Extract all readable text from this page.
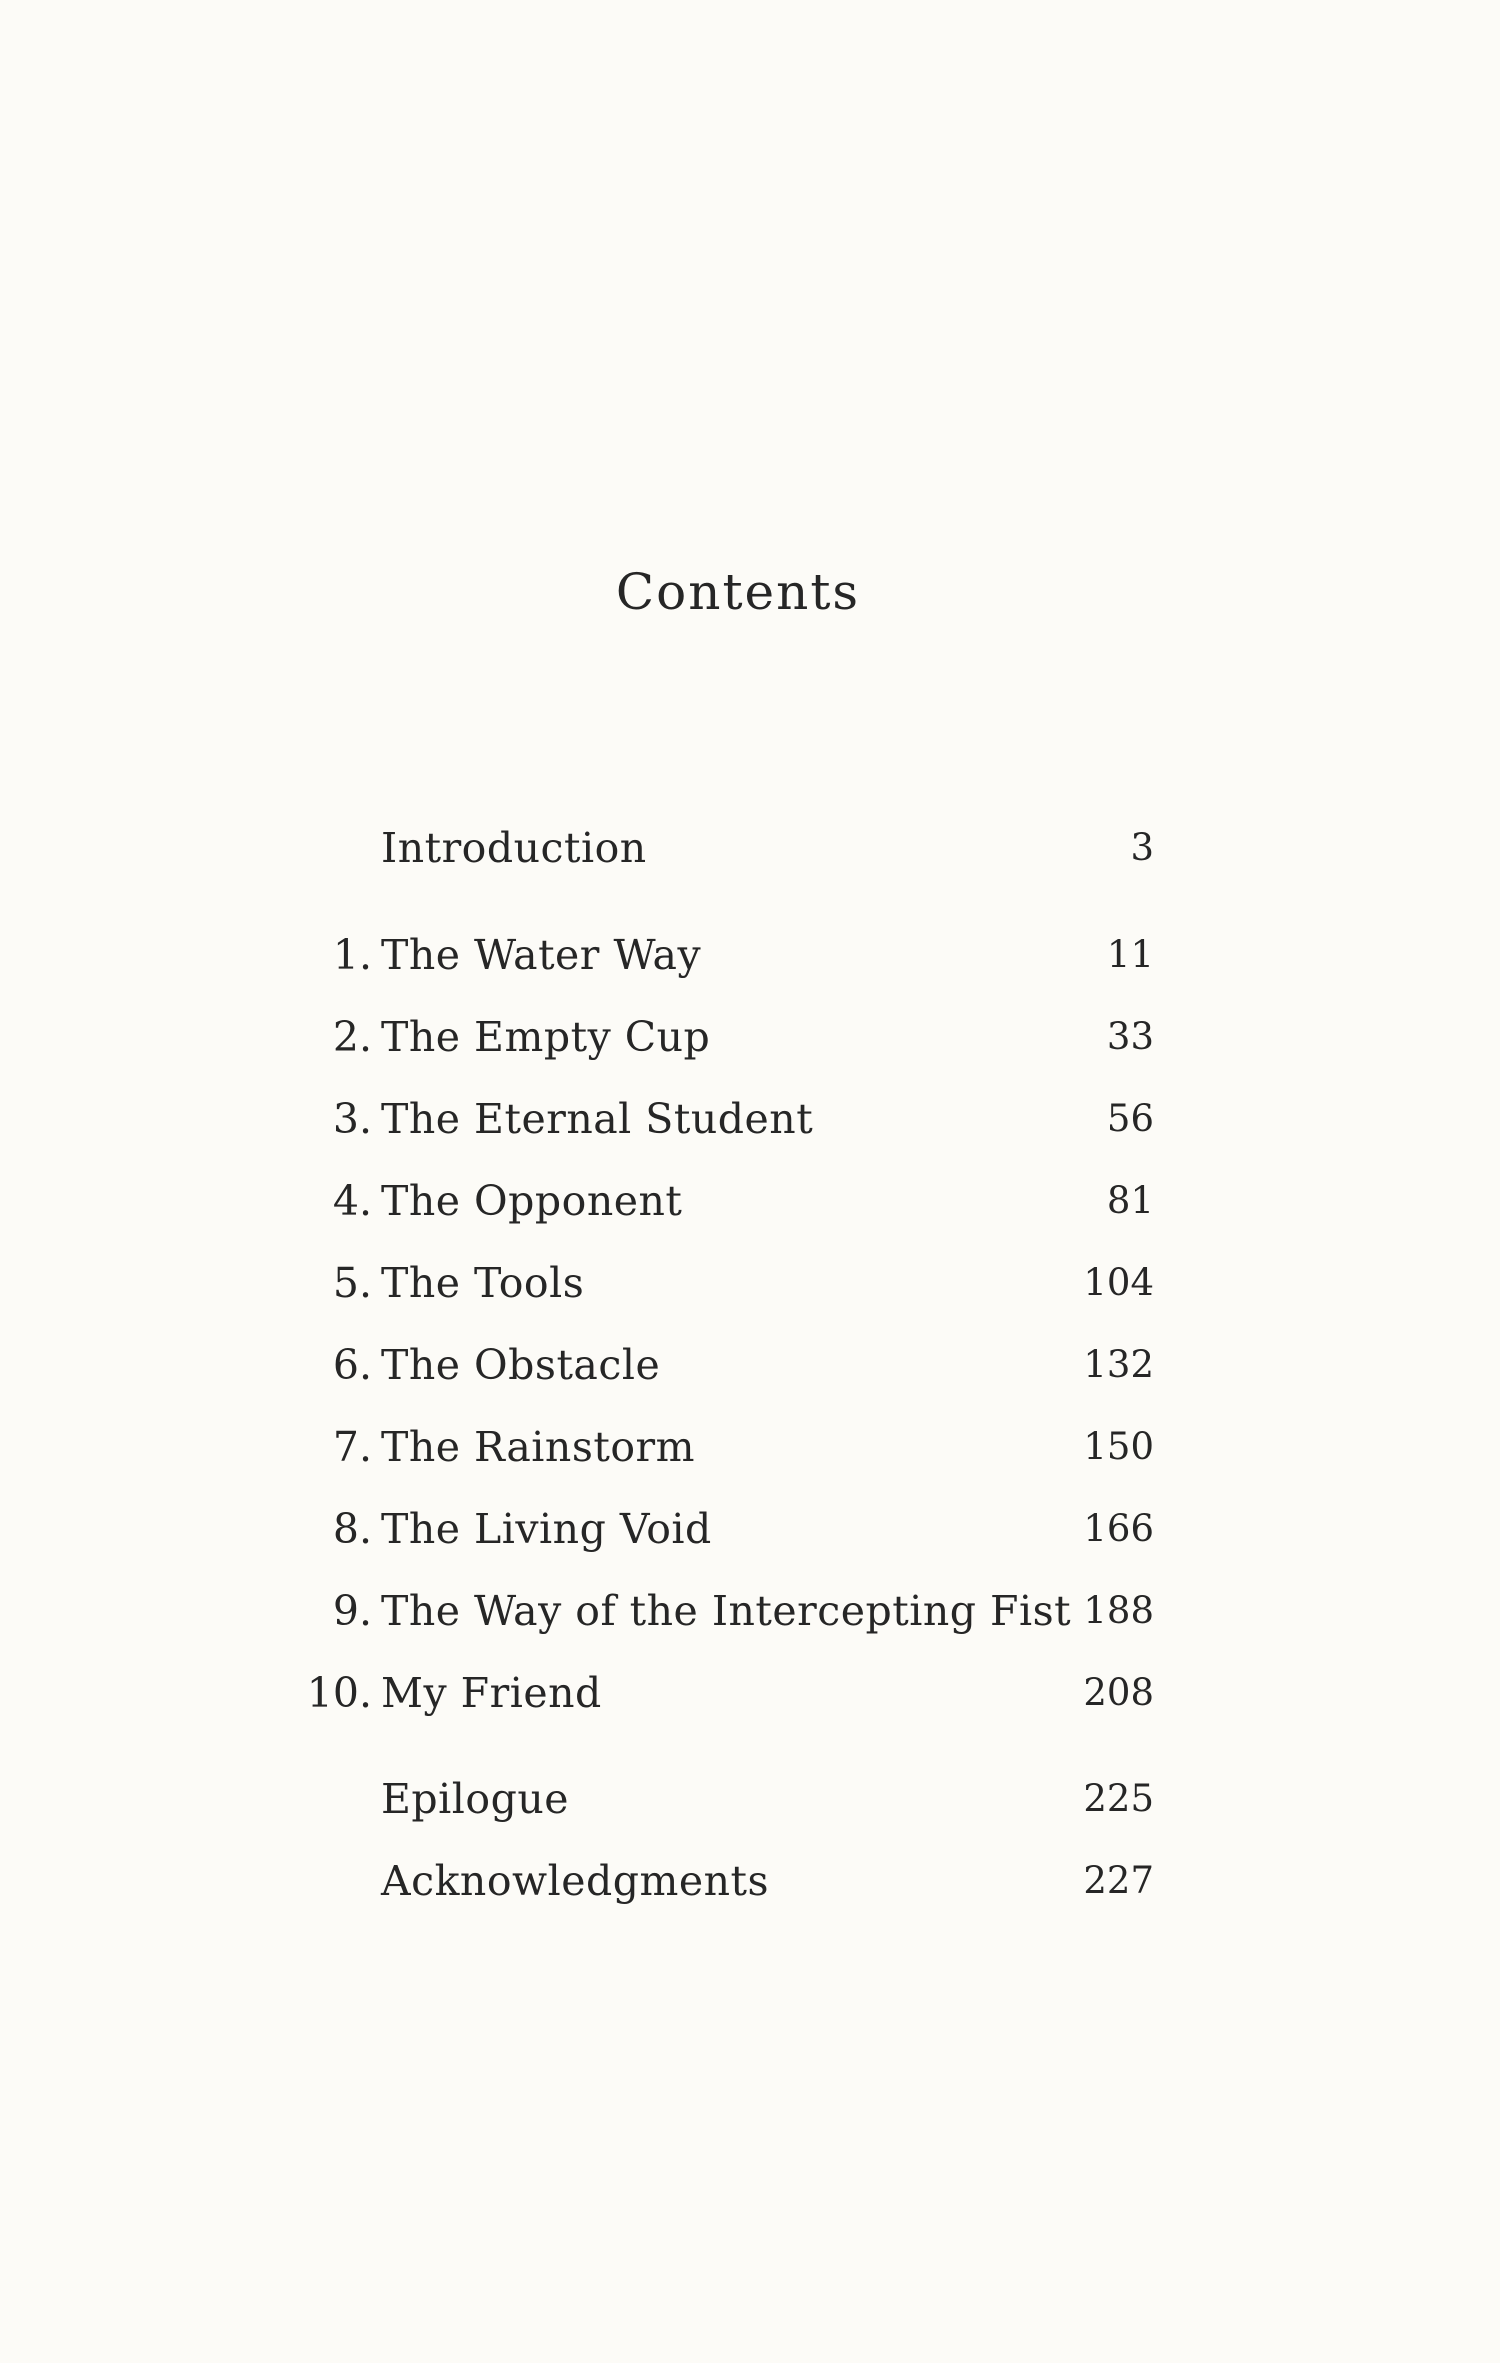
Contents
Introduction	3
1. The Water Way	11
2. The Empty Cup	33
3. The Eternal Student	56
4. The Opponent	81
5. The Tools	104
6. The Obstacle	132
7. The Rainstorm	150
8. The Living Void	166
9. The Way of the Intercepting Fist 188
10. My Friend	208
Epilogue	225
Acknowledgments	227
